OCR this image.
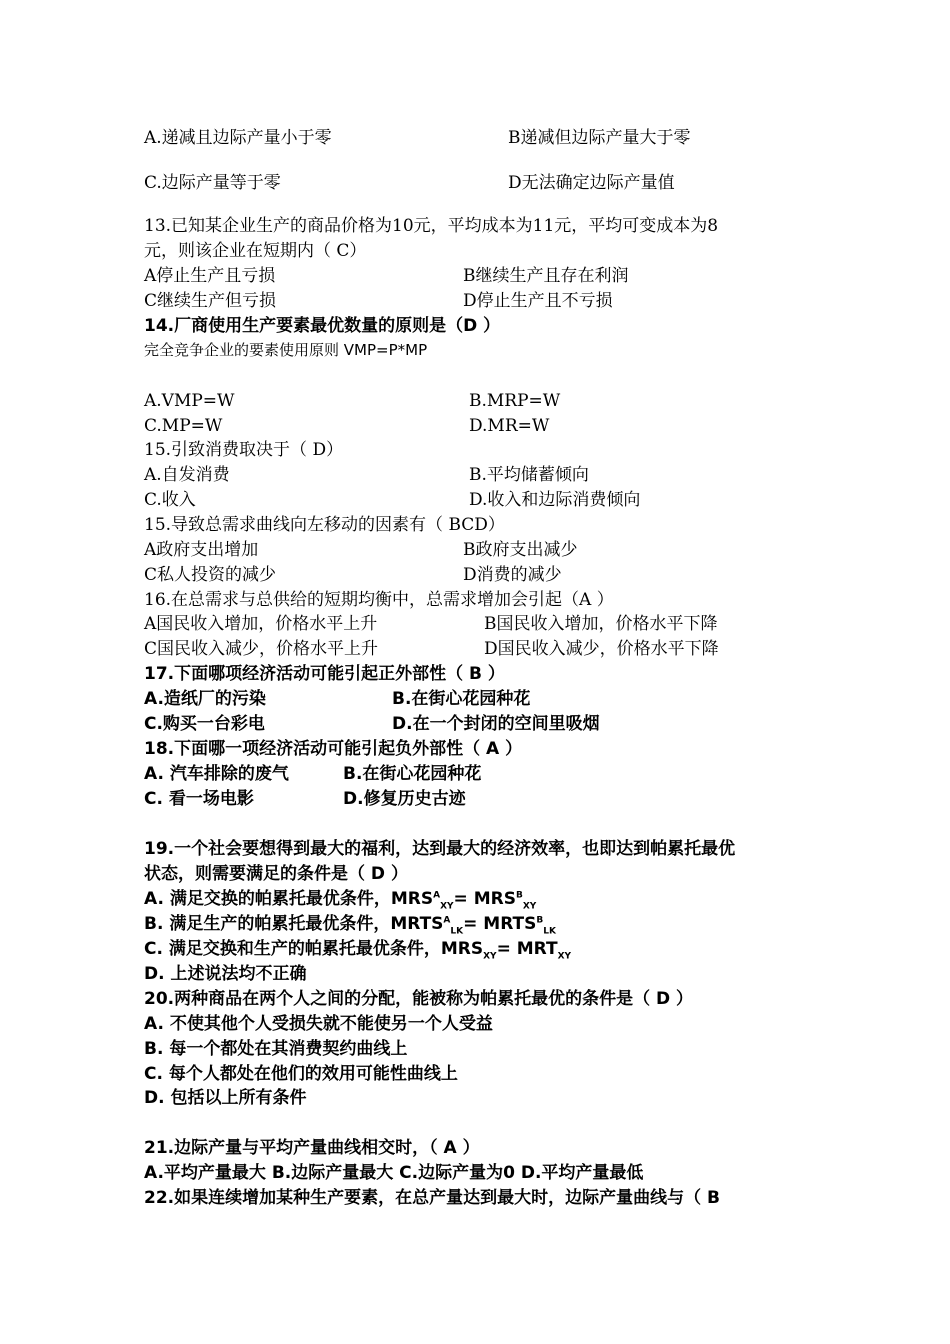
A.递减且边际产量小于零	B递减但边际产量大于零
C.边际产量等于零	D无法确定边际产量值
13.已知某企业生产的商品价格为10元，平均成本为11元，平均可变成本为8
元，则该企业在短期内（ C）
A停止生产且亏损	B继续生产且存在利润
C继续生产但亏损	D停止生产且不亏损
14.厂商使用生产要素最优数量的原则是（D ）
完全竞争企业的要素使用原则 VMP=P*MP
A.VMP=W	B.MRP=W
C.MP=W	D.MR=W
15.引致消费取决于（ D）
A.自发消费	B.平均储蓄倾向
C.收入	D.收入和边际消费倾向
15.导致总需求曲线向左移动的因素有（ BCD）
A政府支出增加	B政府支出减少
C私人投资的减少	D消费的减少
16.在总需求与总供给的短期均衡中，总需求增加会引起（A ）
A国民收入增加，价格水平上升	B国民收入增加，价格水平下降
C国民收入减少，价格水平上升	D国民收入减少，价格水平下降
17.下面哪项经济活动可能引起正外部性（ B ）
A.造纸厂的污染	B.在街心花园种花
C.购买一台彩电	D.在一个封闭的空间里吸烟
18.下面哪一项经济活动可能引起负外部性（ A ）
A. 汽车排除的废气	B.在街心花园种花
C. 看一场电影	D.修复历史古迹
19.一个社会要想得到最大的福利，达到最大的经济效率，也即达到帕累托最优
状态，则需要满足的条件是（ D ）
A. 满足交换的帕累托最优条件，$MRS^A_{XY}= MRS^B_{XY}$
B. 满足生产的帕累托最优条件，$MRTS^A_{LK}=$ $MRTS^B_{LK}$
C. 满足交换和生产的帕累托最优条件，$MRS_{XY}= MRT_{XY}$
D. 上述说法均不正确
20.两种商品在两个人之间的分配，能被称为帕累托最优的条件是（ D ）
A. 不使其他个人受损失就不能使另一个人受益
B. 每一个都处在其消费契约曲线上
C. 每个人都处在他们的效用可能性曲线上
D. 包括以上所有条件
21.边际产量与平均产量曲线相交时，（ A ）
A.平均产量最大 B.边际产量最大 C.边际产量为0 D.平均产量最低
22.如果连续增加某种生产要素，在总产量达到最大时，边际产量曲线与（ B
